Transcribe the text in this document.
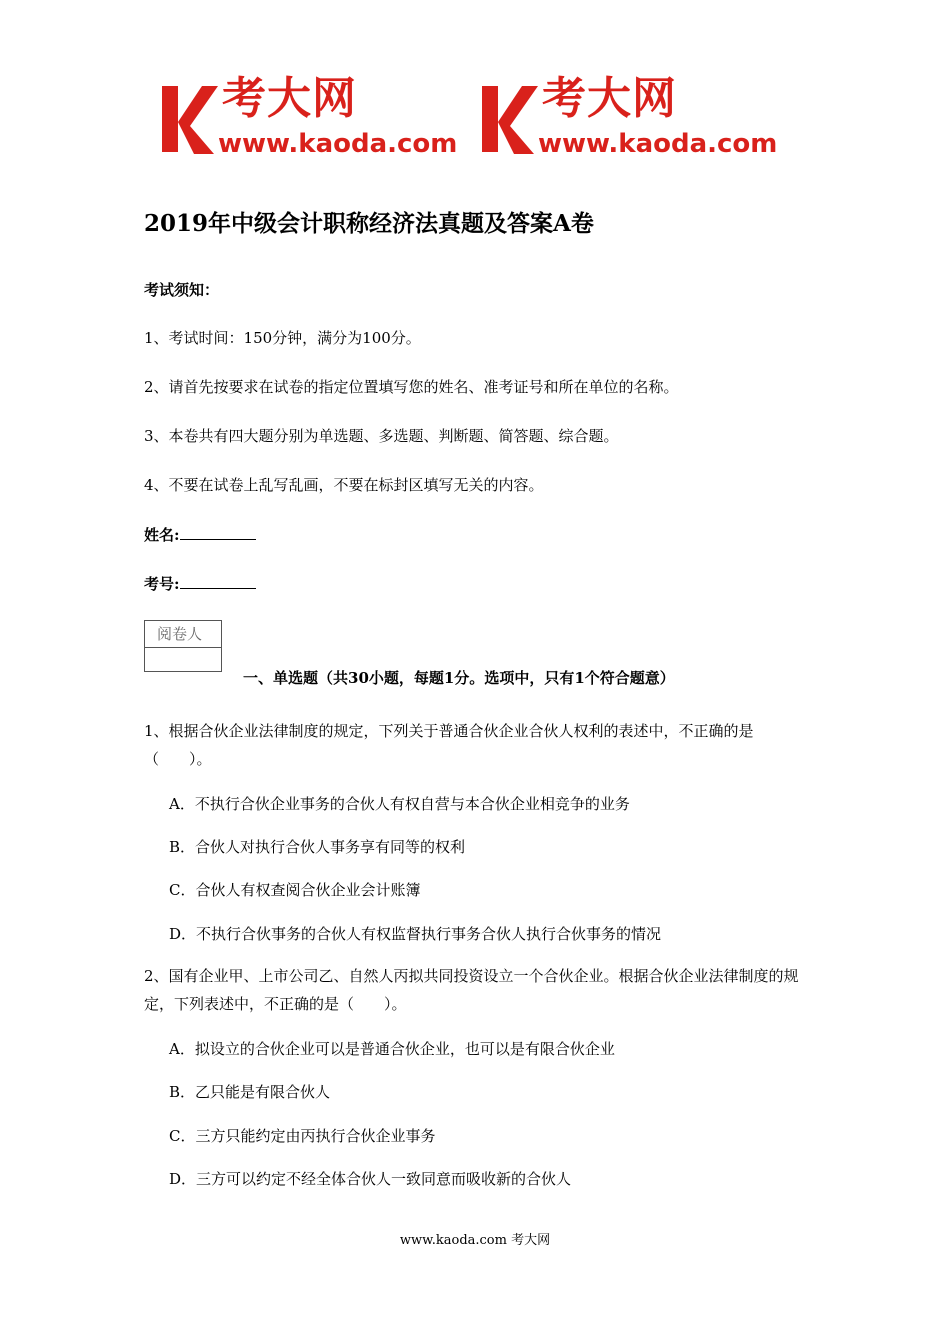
考大网
www.kaoda.com
考大网
www.kaoda.com
2019年中级会计职称经济法真题及答案A卷
考试须知：
1、考试时间：150分钟，满分为100分。
2、请首先按要求在试卷的指定位置填写您的姓名、准考证号和所在单位的名称。
3、本卷共有四大题分别为单选题、多选题、判断题、简答题、综合题。
4、不要在试卷上乱写乱画，不要在标封区填写无关的内容。
姓名:
考号:
阅卷人
一、单选题（共30小题，每题1分。选项中，只有1个符合题意）
1、根据合伙企业法律制度的规定，下列关于普通合伙企业合伙人权利的表述中，不正确的是（　　）。
A．不执行合伙企业事务的合伙人有权自营与本合伙企业相竞争的业务
B．合伙人对执行合伙人事务享有同等的权利
C．合伙人有权查阅合伙企业会计账簿
D．不执行合伙事务的合伙人有权监督执行事务合伙人执行合伙事务的情况
2、国有企业甲、上市公司乙、自然人丙拟共同投资设立一个合伙企业。根据合伙企业法律制度的规定，下列表述中，不正确的是（　　）。
A．拟设立的合伙企业可以是普通合伙企业，也可以是有限合伙企业
B．乙只能是有限合伙人
C．三方只能约定由丙执行合伙企业事务
D．三方可以约定不经全体合伙人一致同意而吸收新的合伙人
www.kaoda.com 考大网
